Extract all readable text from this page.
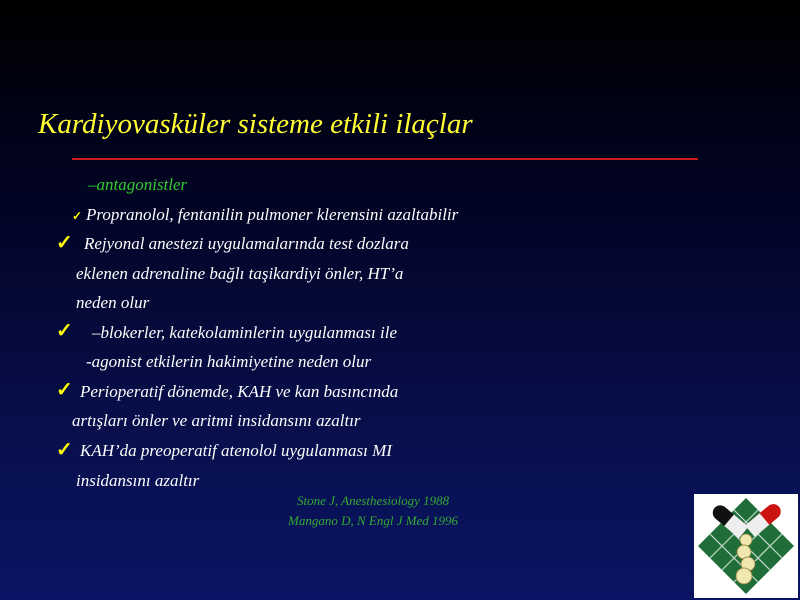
Kardiyovasküler sisteme etkili ilaçlar
–antagonistler
✓ Propranolol, fentanilin pulmoner klerensini azaltabilir
✓ Rejyonal anestezi uygulamalarında test dozlara
eklenen adrenaline bağlı taşikardiyi önler, HT’a
neden olur
✓ –blokerler, katekolaminlerin uygulanması ile
-agonist etkilerin hakimiyetine neden olur
✓ Perioperatif dönemde, KAH ve kan basıncında
artışları önler ve aritmi insidansını azaltır
✓ KAH’da preoperatif atenolol uygulanması MI
insidansını azaltır
Stone J, Anesthesiology 1988
Mangano D, N Engl J Med 1996
